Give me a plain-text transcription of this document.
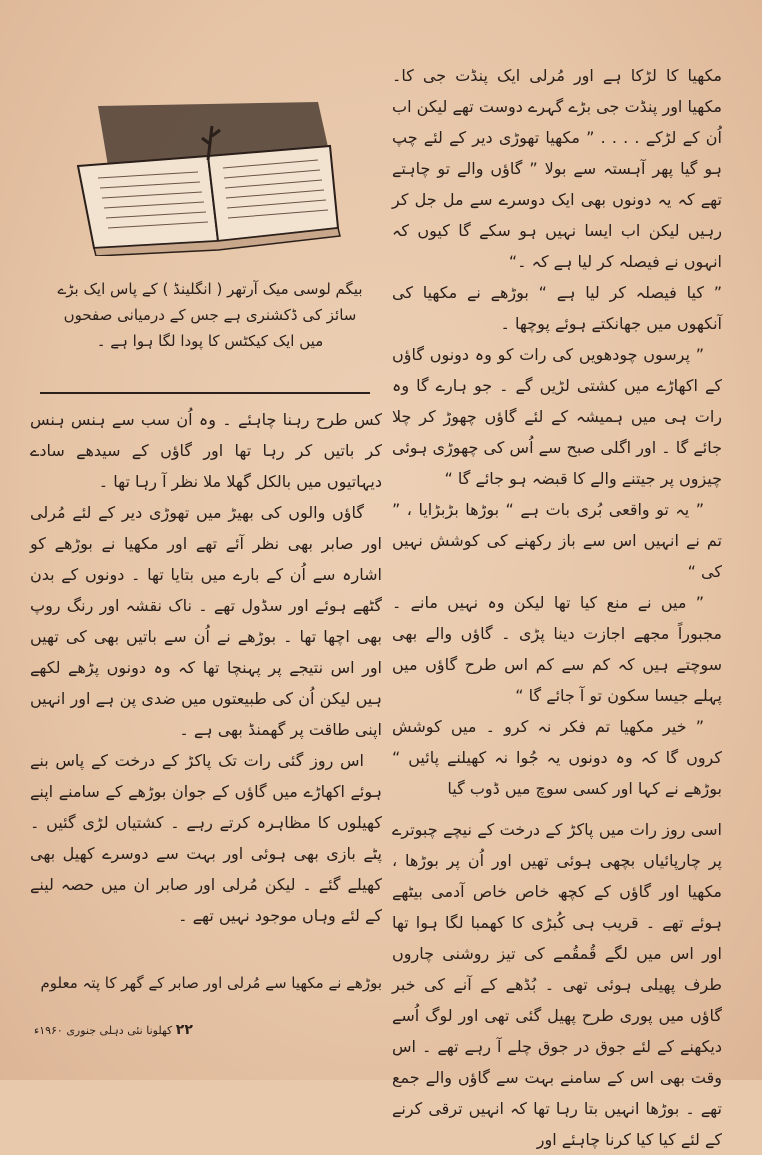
مکھیا کا لڑکا ہے اور مُرلی ایک پنڈت جی کا۔ مکھیا اور پنڈت جی بڑے گہرے دوست تھے لیکن اب اُن کے لڑکے . . . . ” مکھیا تھوڑی دیر کے لئے چپ ہو گیا پھر آہستہ سے بولا ” گاؤں والے تو چاہتے تھے کہ یہ دونوں بھی ایک دوسرے سے مل جل کر رہیں لیکن اب ایسا نہیں ہو سکے گا کیوں کہ انہوں نے فیصلہ کر لیا ہے کہ ۔“

” کیا فیصلہ کر لیا ہے “ بوڑھے نے مکھیا کی آنکھوں میں جھانکتے ہوئے پوچھا ۔

” پرسوں چودھویں کی رات کو وہ دونوں گاؤں کے اکھاڑے میں کشتی لڑیں گے ۔ جو ہارے گا وہ رات ہی میں ہمیشہ کے لئے گاؤں چھوڑ کر چلا جائے گا ۔ اور اگلی صبح سے اُس کی چھوڑی ہوئی چیزوں پر جیتنے والے کا قبضہ ہو جائے گا “

” یہ تو واقعی بُری بات ہے “ بوڑھا بڑبڑایا ، ” تم نے انہیں اس سے باز رکھنے کی کوشش نہیں کی “

” میں نے منع کیا تھا لیکن وہ نہیں مانے ۔ مجبوراً مجھے اجازت دینا پڑی ۔ گاؤں والے بھی سوچتے ہیں کہ کم سے کم اس طرح گاؤں میں پہلے جیسا سکون تو آ جائے گا “

” خیر مکھیا تم فکر نہ کرو ۔ میں کوشش کروں گا کہ وہ دونوں یہ جُوا نہ کھیلنے پائیں “ بوڑھے نے کہا اور کسی سوچ میں ڈوب گیا

اسی روز رات میں پاکڑ کے درخت کے نیچے چبوترے پر چارپائیاں بچھی ہوئی تھیں اور اُن پر بوڑھا ، مکھیا اور گاؤں کے کچھ خاص خاص آدمی بیٹھے ہوئے تھے ۔ قریب ہی کُبڑی کا کھمبا لگا ہوا تھا اور اس میں لگے قُمقُمے کی تیز روشنی چاروں طرف پھیلی ہوئی تھی ۔ بُڈھے کے آنے کی خبر گاؤں میں پوری طرح پھیل گئی تھی اور لوگ اُسے دیکھنے کے لئے جوق در جوق چلے آ رہے تھے ۔ اس وقت بھی اس کے سامنے بہت سے گاؤں والے جمع تھے ۔ بوڑھا انہیں بتا رہا تھا کہ انہیں ترقی کرنے کے لئے کیا کیا کرنا چاہئے اور

بیگم لوسی میک آرتھر ( انگلینڈ ) کے پاس ایک بڑے سائز کی ڈکشنری ہے جس کے درمیانی صفحوں میں ایک کیکٹس کا پودا لگا ہوا ہے ۔

کس طرح رہنا چاہئے ۔ وہ اُن سب سے ہنس ہنس کر باتیں کر رہا تھا اور گاؤں کے سیدھے سادے دیہاتیوں میں بالکل گھلا ملا نظر آ رہا تھا ۔

گاؤں والوں کی بھیڑ میں تھوڑی دیر کے لئے مُرلی اور صابر بھی نظر آئے تھے اور مکھیا نے بوڑھے کو اشارہ سے اُن کے بارے میں بتایا تھا ۔ دونوں کے بدن گٹھے ہوئے اور سڈول تھے ۔ ناک نقشہ اور رنگ روپ بھی اچھا تھا ۔ بوڑھے نے اُن سے باتیں بھی کی تھیں اور اس نتیجے پر پہنچا تھا کہ وہ دونوں پڑھے لکھے ہیں لیکن اُن کی طبیعتوں میں ضدی پن ہے اور انہیں اپنی طاقت پر گھمنڈ بھی ہے ۔

اس روز گئی رات تک پاکڑ کے درخت کے پاس بنے ہوئے اکھاڑے میں گاؤں کے جوان بوڑھے کے سامنے اپنے کھیلوں کا مظاہرہ کرتے رہے ۔ کشتیاں لڑی گئیں ۔ پٹے بازی بھی ہوئی اور بہت سے دوسرے کھیل بھی کھیلے گئے ۔ لیکن مُرلی اور صابر ان میں حصہ لینے کے لئے وہاں موجود نہیں تھے ۔

بوڑھے نے مکھیا سے مُرلی اور صابر کے گھر کا پتہ معلوم
۲۲ کھلونا نئی دہلی جنوری ۱۹۶۰ء
